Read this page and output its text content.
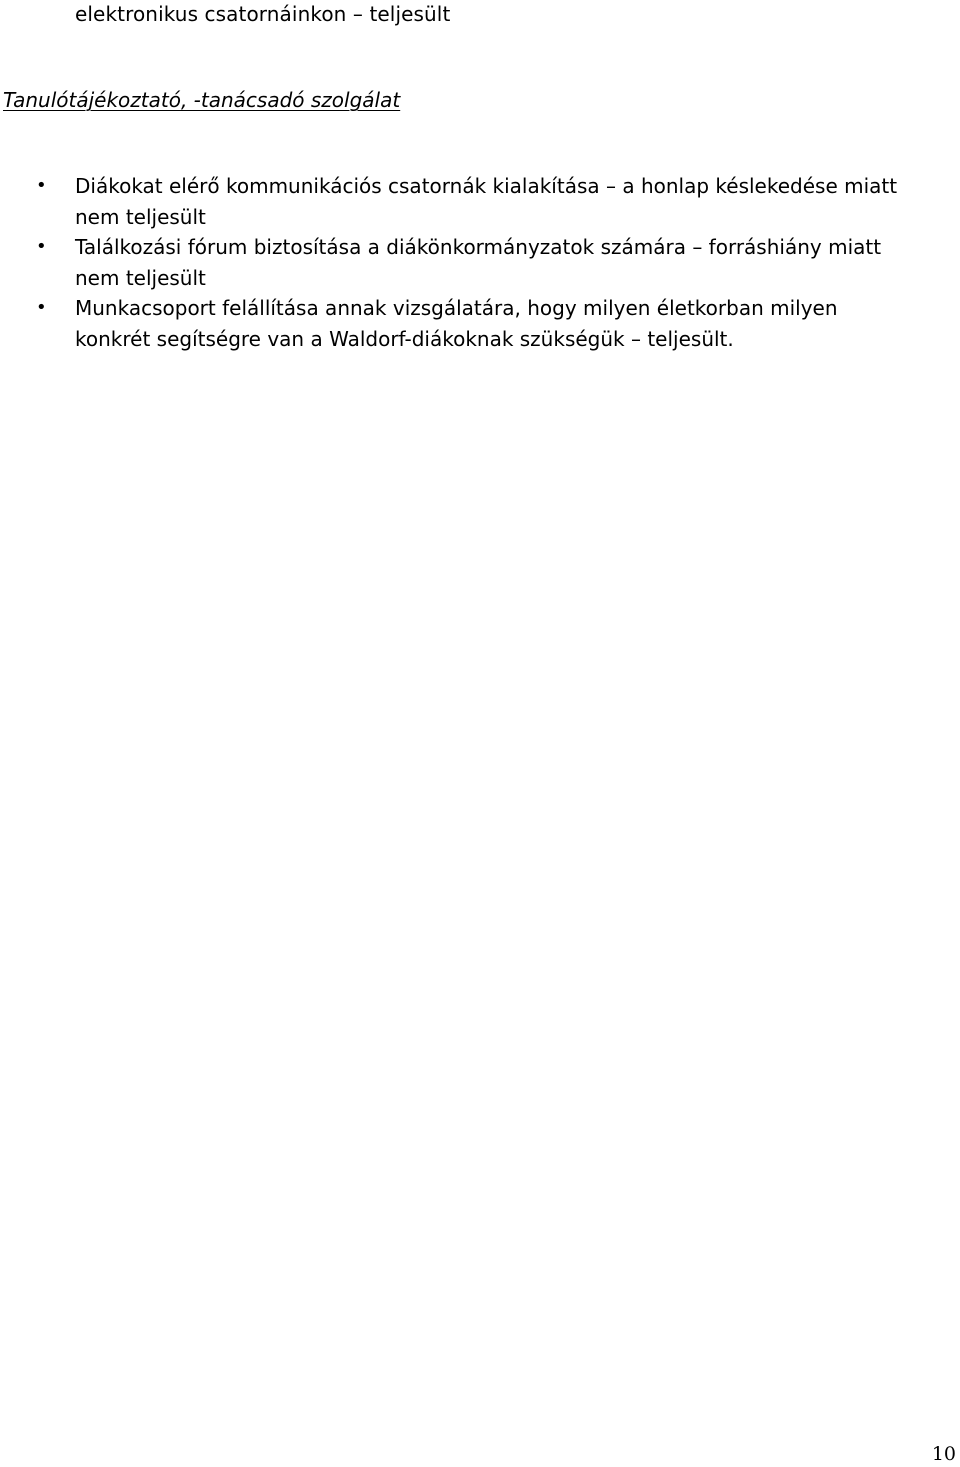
elektronikus csatornáinkon – teljesült
Tanulótájékoztató, -tanácsadó szolgálat
• Diákokat elérő kommunikációs csatornák kialakítása – a honlap késlekedése miatt nem teljesült
• Találkozási fórum biztosítása a diákönkormányzatok számára – forráshiány miatt nem teljesült
• Munkacsoport felállítása annak vizsgálatára, hogy milyen életkorban milyen konkrét segítségre van a Waldorf-diákoknak szükségük – teljesült.
10
